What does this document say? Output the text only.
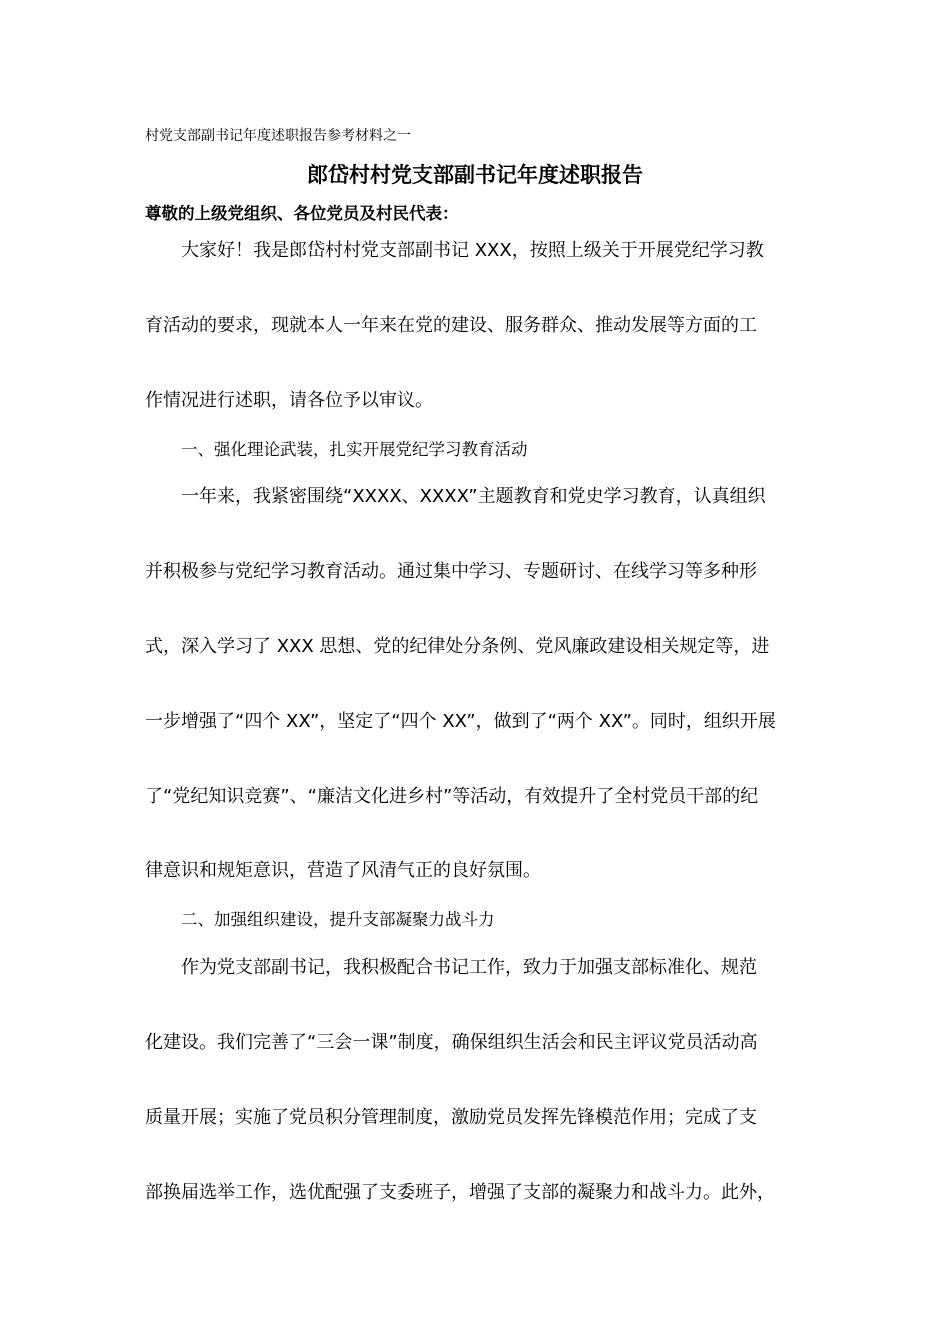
村党支部副书记年度述职报告参考材料之一
郎岱村村党支部副书记年度述职报告
尊敬的上级党组织、各位党员及村民代表：
大家好！我是郎岱村村党支部副书记 XXX，按照上级关于开展党纪学习教
育活动的要求，现就本人一年来在党的建设、服务群众、推动发展等方面的工
作情况进行述职，请各位予以审议。
一、强化理论武装，扎实开展党纪学习教育活动
一年来，我紧密围绕“XXXX、XXXX”主题教育和党史学习教育，认真组织
并积极参与党纪学习教育活动。通过集中学习、专题研讨、在线学习等多种形
式，深入学习了 XXX 思想、党的纪律处分条例、党风廉政建设相关规定等，进
一步增强了“四个 XX”，坚定了“四个 XX”，做到了“两个 XX”。同时，组织开展
了“党纪知识竞赛”、“廉洁文化进乡村”等活动，有效提升了全村党员干部的纪
律意识和规矩意识，营造了风清气正的良好氛围。
二、加强组织建设，提升支部凝聚力战斗力
作为党支部副书记，我积极配合书记工作，致力于加强支部标准化、规范
化建设。我们完善了“三会一课”制度，确保组织生活会和民主评议党员活动高
质量开展；实施了党员积分管理制度，激励党员发挥先锋模范作用；完成了支
部换届选举工作，选优配强了支委班子，增强了支部的凝聚力和战斗力。此外，
